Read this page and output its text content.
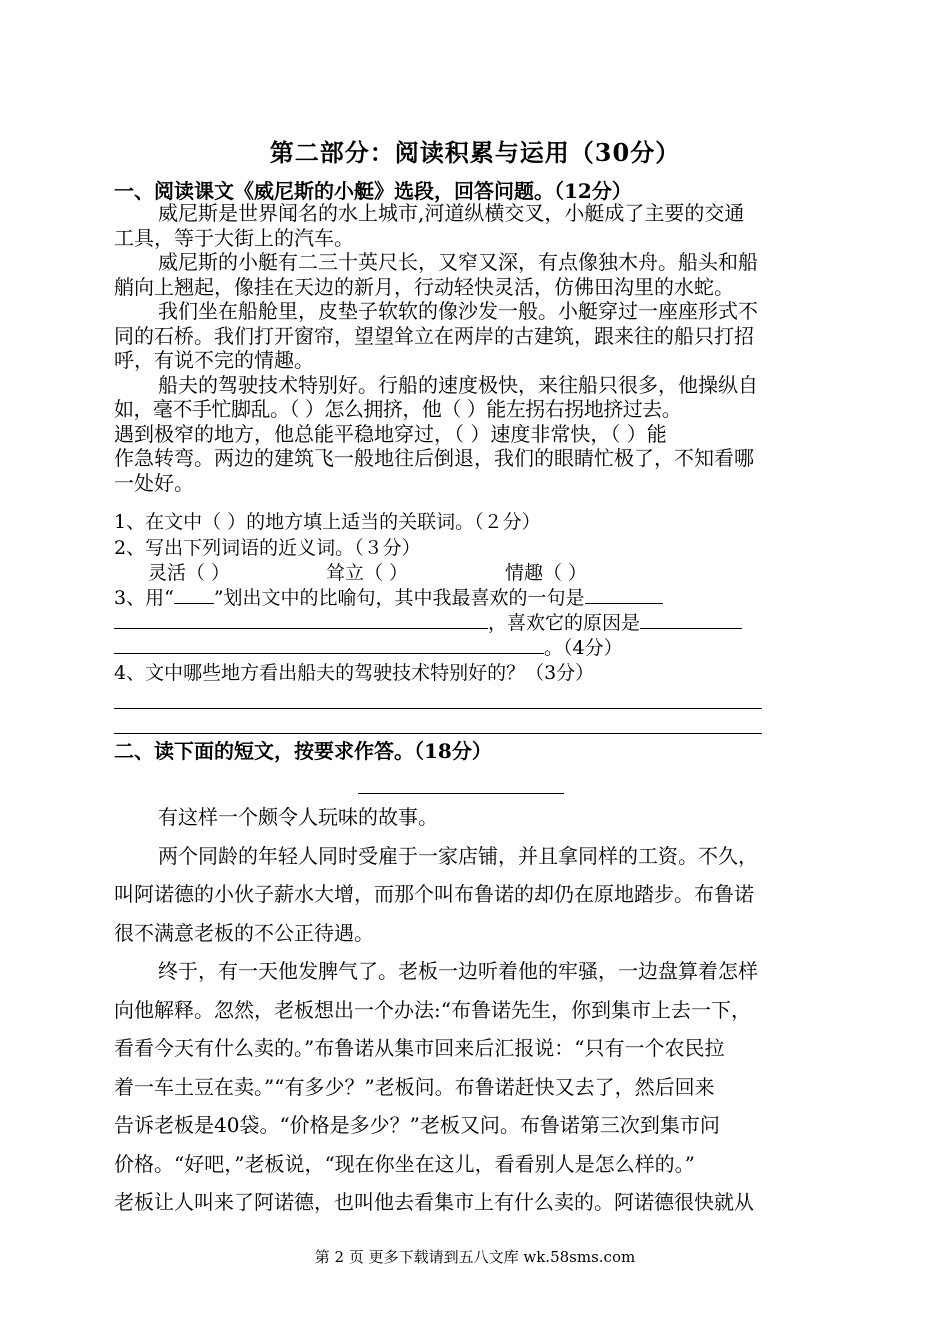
第二部分：阅读积累与运用（30分）
一、阅读课文《威尼斯的小艇》选段，回答问题。（12分）
威尼斯是世界闻名的水上城市,河道纵横交叉，小艇成了主要的交通
工具，等于大街上的汽车。
威尼斯的小艇有二三十英尺长，又窄又深，有点像独木舟。船头和船
艄向上翘起，像挂在天边的新月，行动轻快灵活，仿佛田沟里的水蛇。
我们坐在船舱里，皮垫子软软的像沙发一般。小艇穿过一座座形式不
同的石桥。我们打开窗帘，望望耸立在两岸的古建筑，跟来往的船只打招
呼，有说不完的情趣。
船夫的驾驶技术特别好。行船的速度极快，来往船只很多，他操纵自
如，毫不手忙脚乱。（ ）怎么拥挤，他（ ）能左拐右拐地挤过去。
遇到极窄的地方，他总能平稳地穿过，（ ）速度非常快，（ ）能
作急转弯。两边的建筑飞一般地往后倒退，我们的眼睛忙极了，不知看哪
一处好。
1、在文中（ ）的地方填上适当的关联词。（２分）
2、写出下列词语的近义词。（３分）
灵活（ ）	耸立（ ）	情趣（ ）
3、用“ ”划出文中的比喻句，其中我最喜欢的一句是
，喜欢它的原因是
。（4分）
4、文中哪些地方看出船夫的驾驶技术特别好的？（3分）
二、读下面的短文，按要求作答。（18分）
有这样一个颇令人玩味的故事。
两个同龄的年轻人同时受雇于一家店铺，并且拿同样的工资。不久，
叫阿诺德的小伙子薪水大增，而那个叫布鲁诺的却仍在原地踏步。布鲁诺
很不满意老板的不公正待遇。
终于，有一天他发脾气了。老板一边听着他的牢骚，一边盘算着怎样
向他解释。忽然，老板想出一个办法:“布鲁诺先生，你到集市上去一下，
看看今天有什么卖的。”布鲁诺从集市回来后汇报说：“只有一个农民拉
着一车土豆在卖。”“有多少？”老板问。布鲁诺赶快又去了，然后回来
告诉老板是40袋。“价格是多少？”老板又问。布鲁诺第三次到集市问
价格。“好吧，”老板说，“现在你坐在这儿，看看别人是怎么样的。”
老板让人叫来了阿诺德，也叫他去看集市上有什么卖的。阿诺德很快就从
第 2 页 更多下载请到五八文库 wk.58sms.com
